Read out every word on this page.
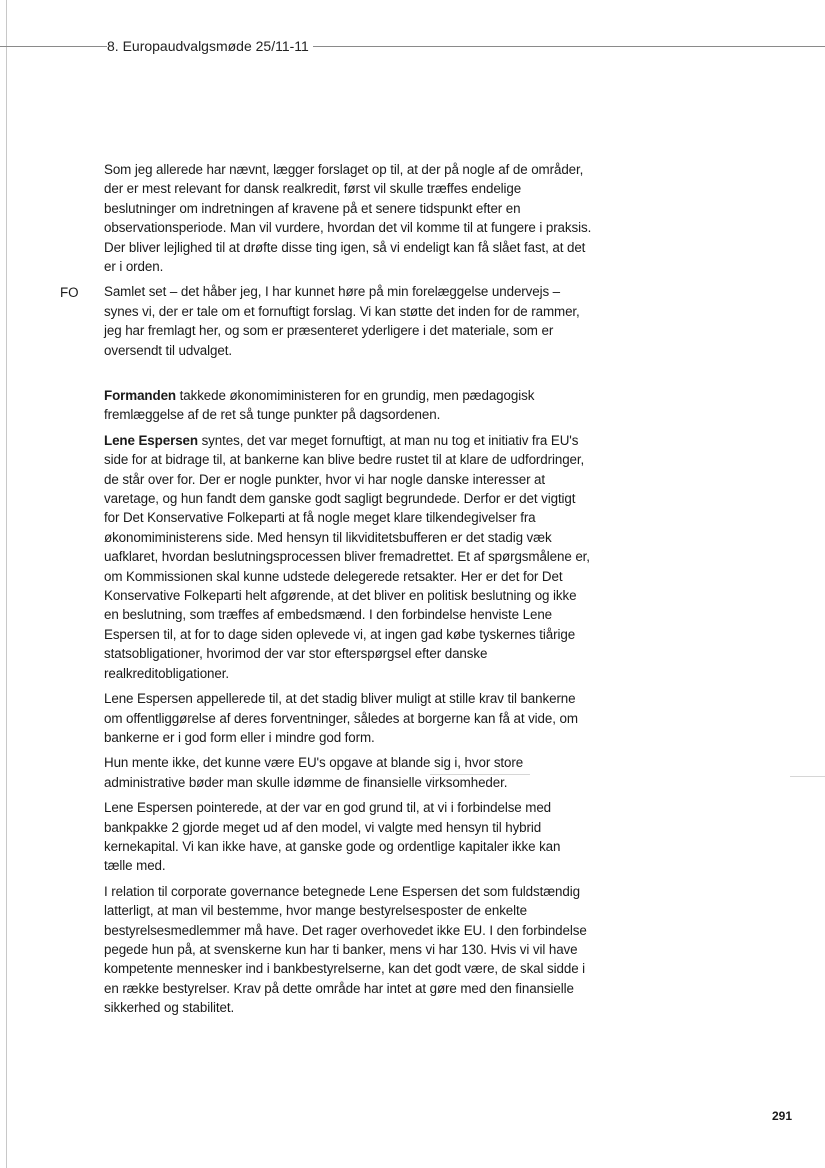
8. Europaudvalgsmøde 25/11-11
FO

Som jeg allerede har nævnt, lægger forslaget op til, at der på nogle af de områder, der er mest relevant for dansk realkredit, først vil skulle træffes endelige beslutninger om indretningen af kravene på et senere tidspunkt efter en observationsperiode. Man vil vurdere, hvordan det vil komme til at fungere i praksis. Der bliver lejlighed til at drøfte disse ting igen, så vi endeligt kan få slået fast, at det er i orden.

Samlet set – det håber jeg, I har kunnet høre på min forelæggelse undervejs – synes vi, der er tale om et fornuftigt forslag. Vi kan støtte det inden for de rammer, jeg har fremlagt her, og som er præsenteret yderligere i det materiale, som er oversendt til udvalget.

Formanden takkede økonomiministeren for en grundig, men pædagogisk fremlæggelse af de ret så tunge punkter på dagsordenen.

Lene Espersen syntes, det var meget fornuftigt, at man nu tog et initiativ fra EU's side for at bidrage til, at bankerne kan blive bedre rustet til at klare de udfordringer, de står over for. Der er nogle punkter, hvor vi har nogle danske interesser at varetage, og hun fandt dem ganske godt sagligt begrundede. Derfor er det vigtigt for Det Konservative Folkeparti at få nogle meget klare tilkendegivelser fra økonomiministerens side. Med hensyn til likviditetsbufferen er det stadig væk uafklaret, hvordan beslutningsprocessen bliver fremadrettet. Et af spørgsmålene er, om Kommissionen skal kunne udstede delegerede retsakter. Her er det for Det Konservative Folkeparti helt afgørende, at det bliver en politisk beslutning og ikke en beslutning, som træffes af embedsmænd. I den forbindelse henviste Lene Espersen til, at for to dage siden oplevede vi, at ingen gad købe tyskernes tiårige statsobligationer, hvorimod der var stor efterspørgsel efter danske realkreditobligationer.

Lene Espersen appellerede til, at det stadig bliver muligt at stille krav til bankerne om offentliggørelse af deres forventninger, således at borgerne kan få at vide, om bankerne er i god form eller i mindre god form.

Hun mente ikke, det kunne være EU's opgave at blande sig i, hvor store administrative bøder man skulle idømme de finansielle virksomheder.

Lene Espersen pointerede, at der var en god grund til, at vi i forbindelse med bankpakke 2 gjorde meget ud af den model, vi valgte med hensyn til hybrid kernekapital. Vi kan ikke have, at ganske gode og ordentlige kapitaler ikke kan tælle med.

I relation til corporate governance betegnede Lene Espersen det som fuldstændig latterligt, at man vil bestemme, hvor mange bestyrelsesposter de enkelte bestyrelsesmedlemmer må have. Det rager overhovedet ikke EU. I den forbindelse pegede hun på, at svenskerne kun har ti banker, mens vi har 130. Hvis vi vil have kompetente mennesker ind i bankbestyrelserne, kan det godt være, de skal sidde i en række bestyrelser. Krav på dette område har intet at gøre med den finansielle sikkerhed og stabilitet.

291
